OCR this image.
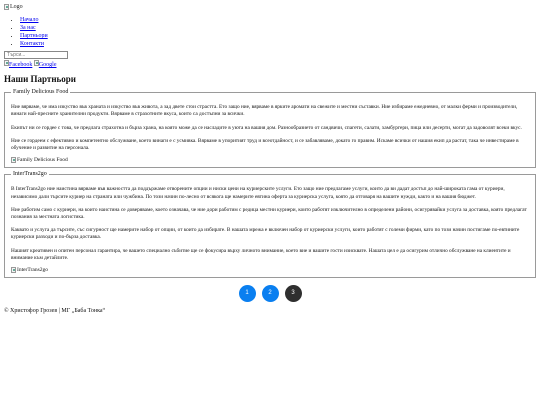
Logo
• Начало
• За нас
• Партньори
• Контакти
Търси...
Facebook Google
Наши Партньори
Family Delicious Food

Ние вярваме, че има изкуство във храната и изкуство във живота, а зад двете стои страстта. Ето защо ние, вярваме в ярките аромати на свежите и местни съставки. Ние избираме ежедневно, от малки ферми и производители, винаги най-пресните хранителни продукти. Вярваме в страхотните вкуса, които са достъпни за всички.

Екипът ни се гордее с това, че предлага страхотна и бърза храна, на която може да се насладите в уюта на вашия дом. Разнообразието от сандвичи, спагети, салати, хамбургери, пица или десерти, могат да задоволят всеки вкус.

Ние се гордеем с ефективно и компетентно обслужване, което винаги е с усмивка. Вярваме в упоритият труд и всеотдайност, и се забавляваме, докато го правим. Искаме всички от нашия екип да растат, така че инвестираме в обучение и развитие на персонала.

Family Delicious Food
InterTrans2go

В InterTrans2go ние наистина вярваме във важността да поддържаме отворените опции и ниски цени на куриерските услуги. Ето защо ние предлагаме услуги, които да ви дадат достъп до най-широката гама от куриери, независимо дали търсите куриер на страната или чужбина. По този начин по-лесно от всякога ще намерите евтина оферта за куриерска услуга, която да отговаря на вашите нужди, както и на вашия бюджет.

Ние работим само с куриери, на които наистина се доверяваме, което означава, че ние дори работим с редица местни куриери, които работят изключително в определени райони, осигурявайки услуга за доставка, която предлагат познания за местната логистика.

Каквато и услуга да търсите, със сигурност ще намерите набор от опции, от които да избирате. В нашата мрежа е включен набор от куриерски услуги, които работят с големи фирми, като по този начин постигаме по-евтините куриерски разходи и по-бърза доставка.

Нашият креативен и опитен персонал гарантира, че вашето специално събитие ще се фокусира върху личното внимание, което вие и вашите гости изисквате. Нашата цел е да осигурим отлично обслужване на клиентите и внимание към детайлите.

InterTrans2go
1	2	3
© Христофор Грозев | МГ „Баба Тонка“
